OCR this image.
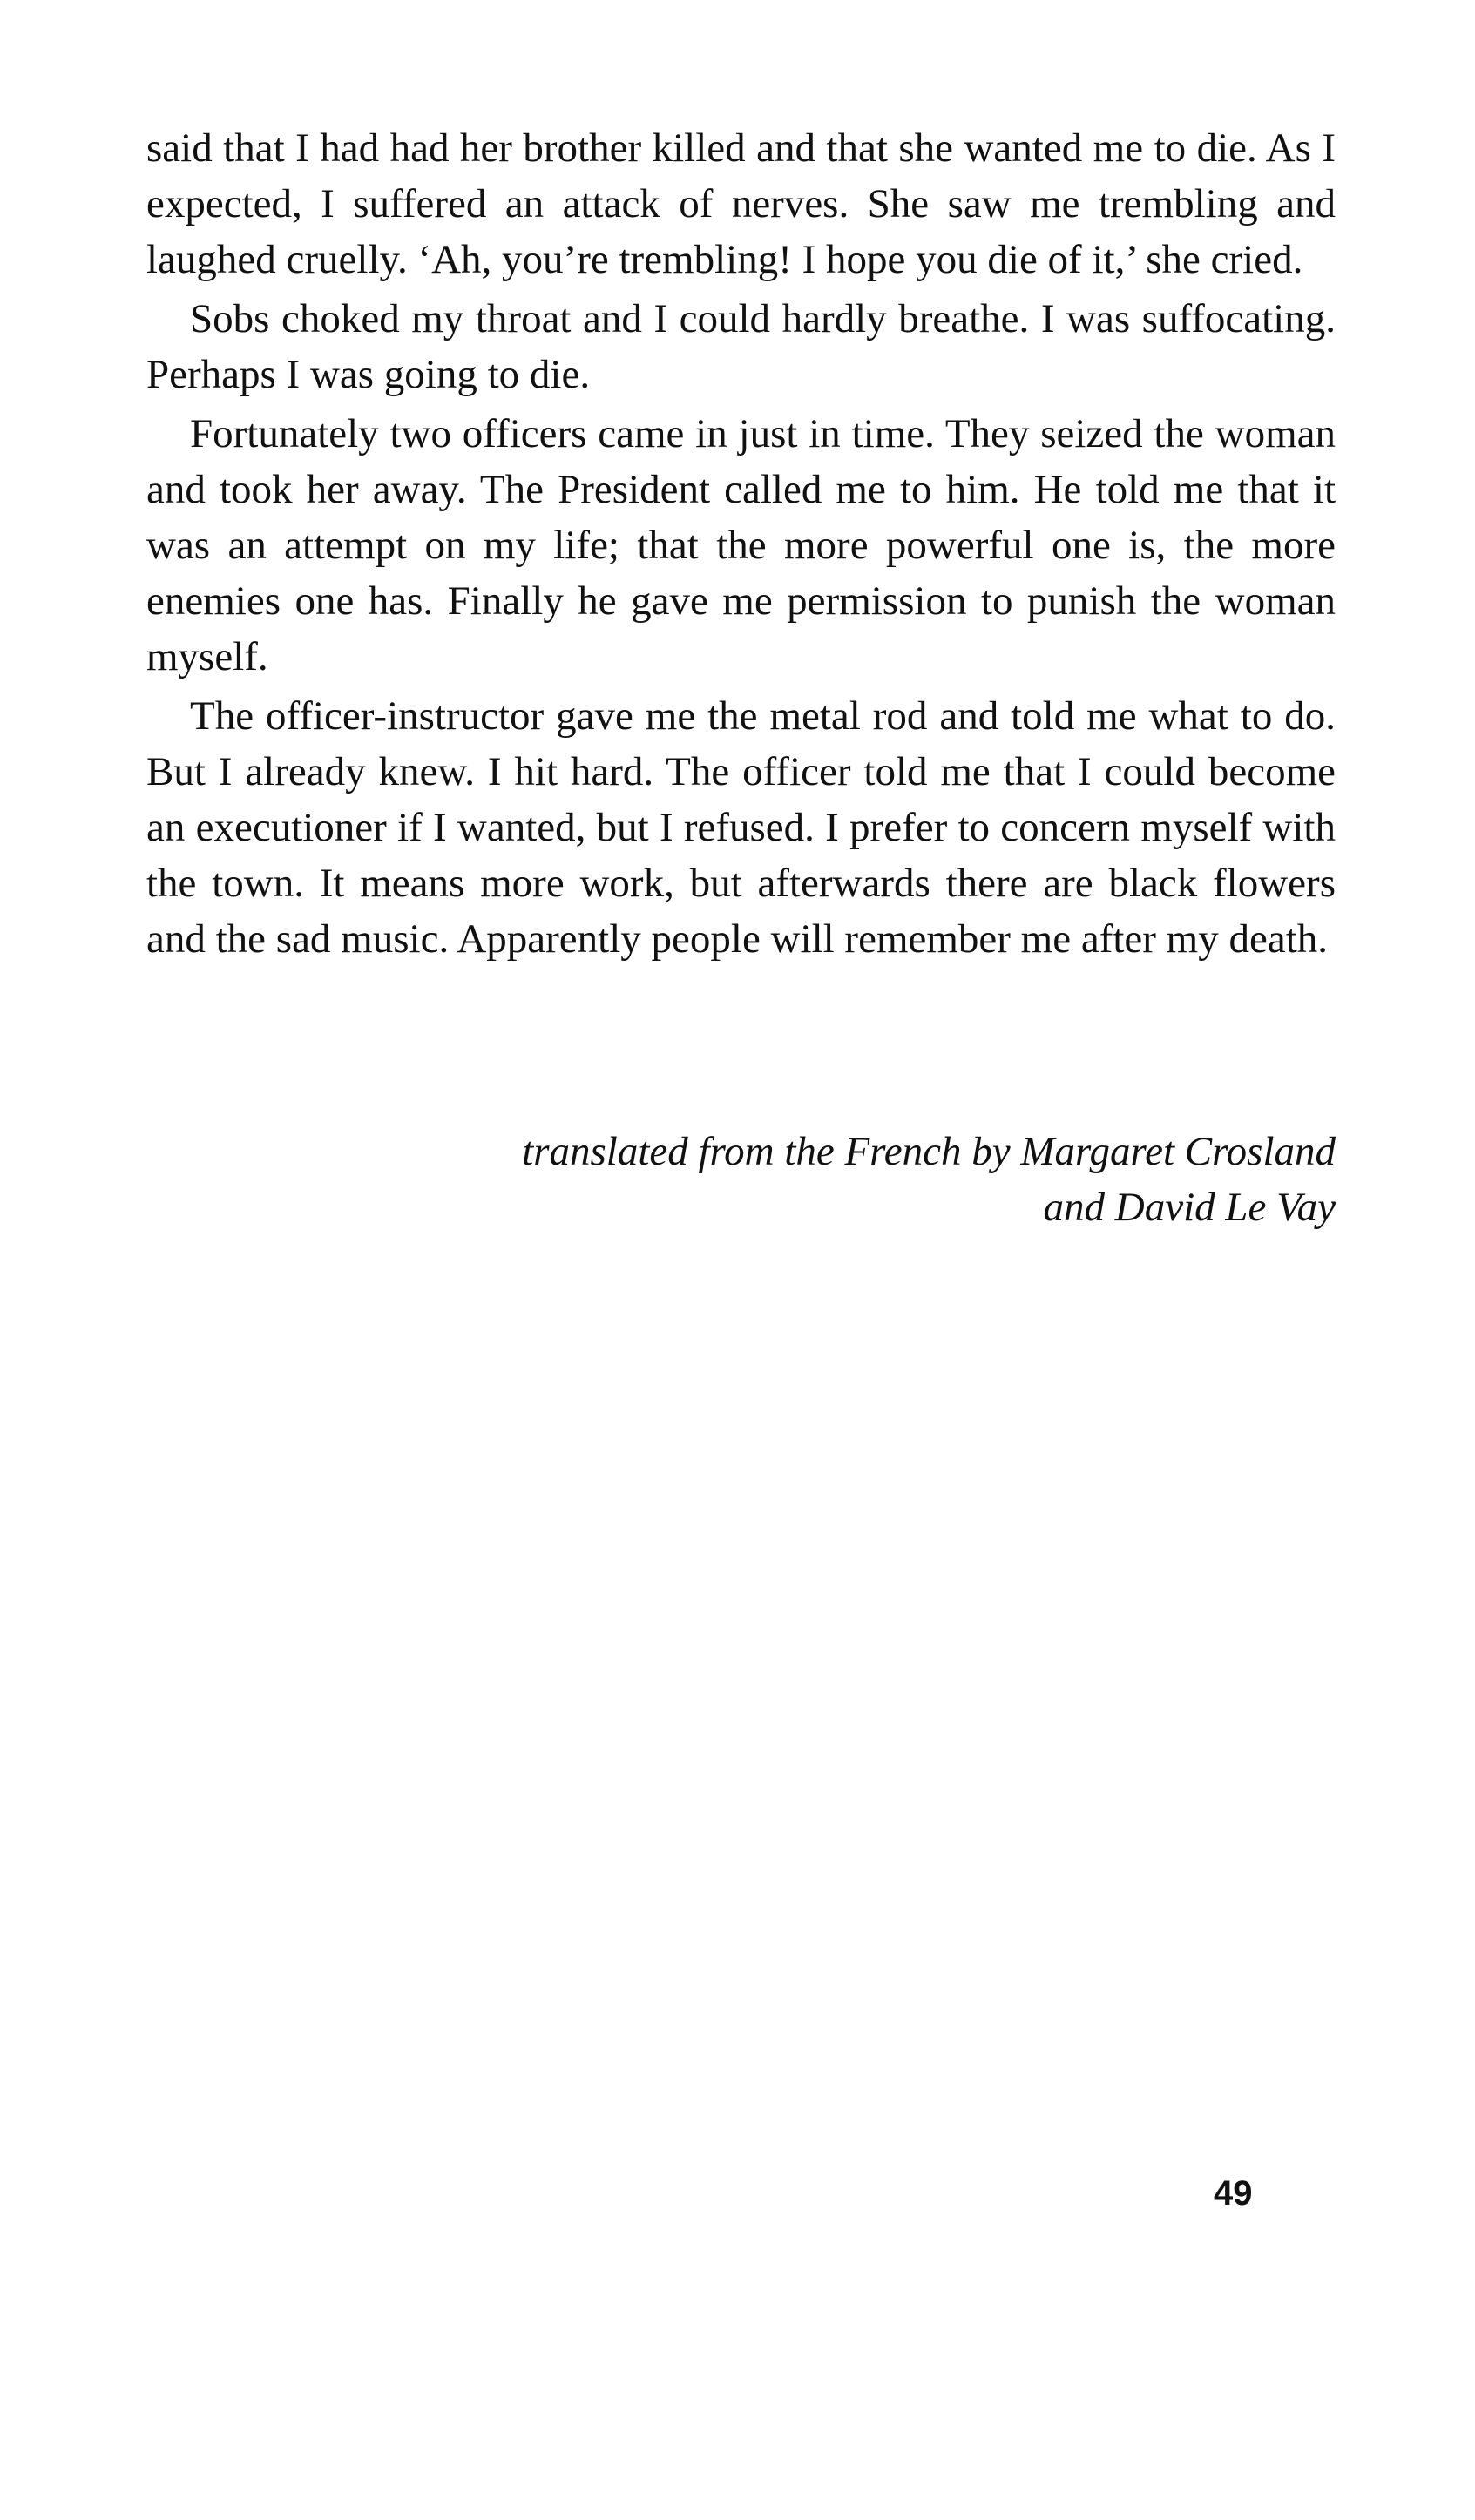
said that I had had her brother killed and that she wanted me to die. As I expected, I suffered an attack of nerves. She saw me trembling and laughed cruelly. ‘Ah, you’re trembling! I hope you die of it,’ she cried.

Sobs choked my throat and I could hardly breathe. I was suffocating. Perhaps I was going to die.

Fortunately two officers came in just in time. They seized the woman and took her away. The President called me to him. He told me that it was an attempt on my life; that the more powerful one is, the more enemies one has. Finally he gave me permission to punish the woman myself.

The officer-instructor gave me the metal rod and told me what to do. But I already knew. I hit hard. The officer told me that I could become an executioner if I wanted, but I refused. I prefer to concern myself with the town. It means more work, but afterwards there are black flowers and the sad music. Apparently people will remember me after my death.

translated from the French by Margaret Crosland
and David Le Vay
49
